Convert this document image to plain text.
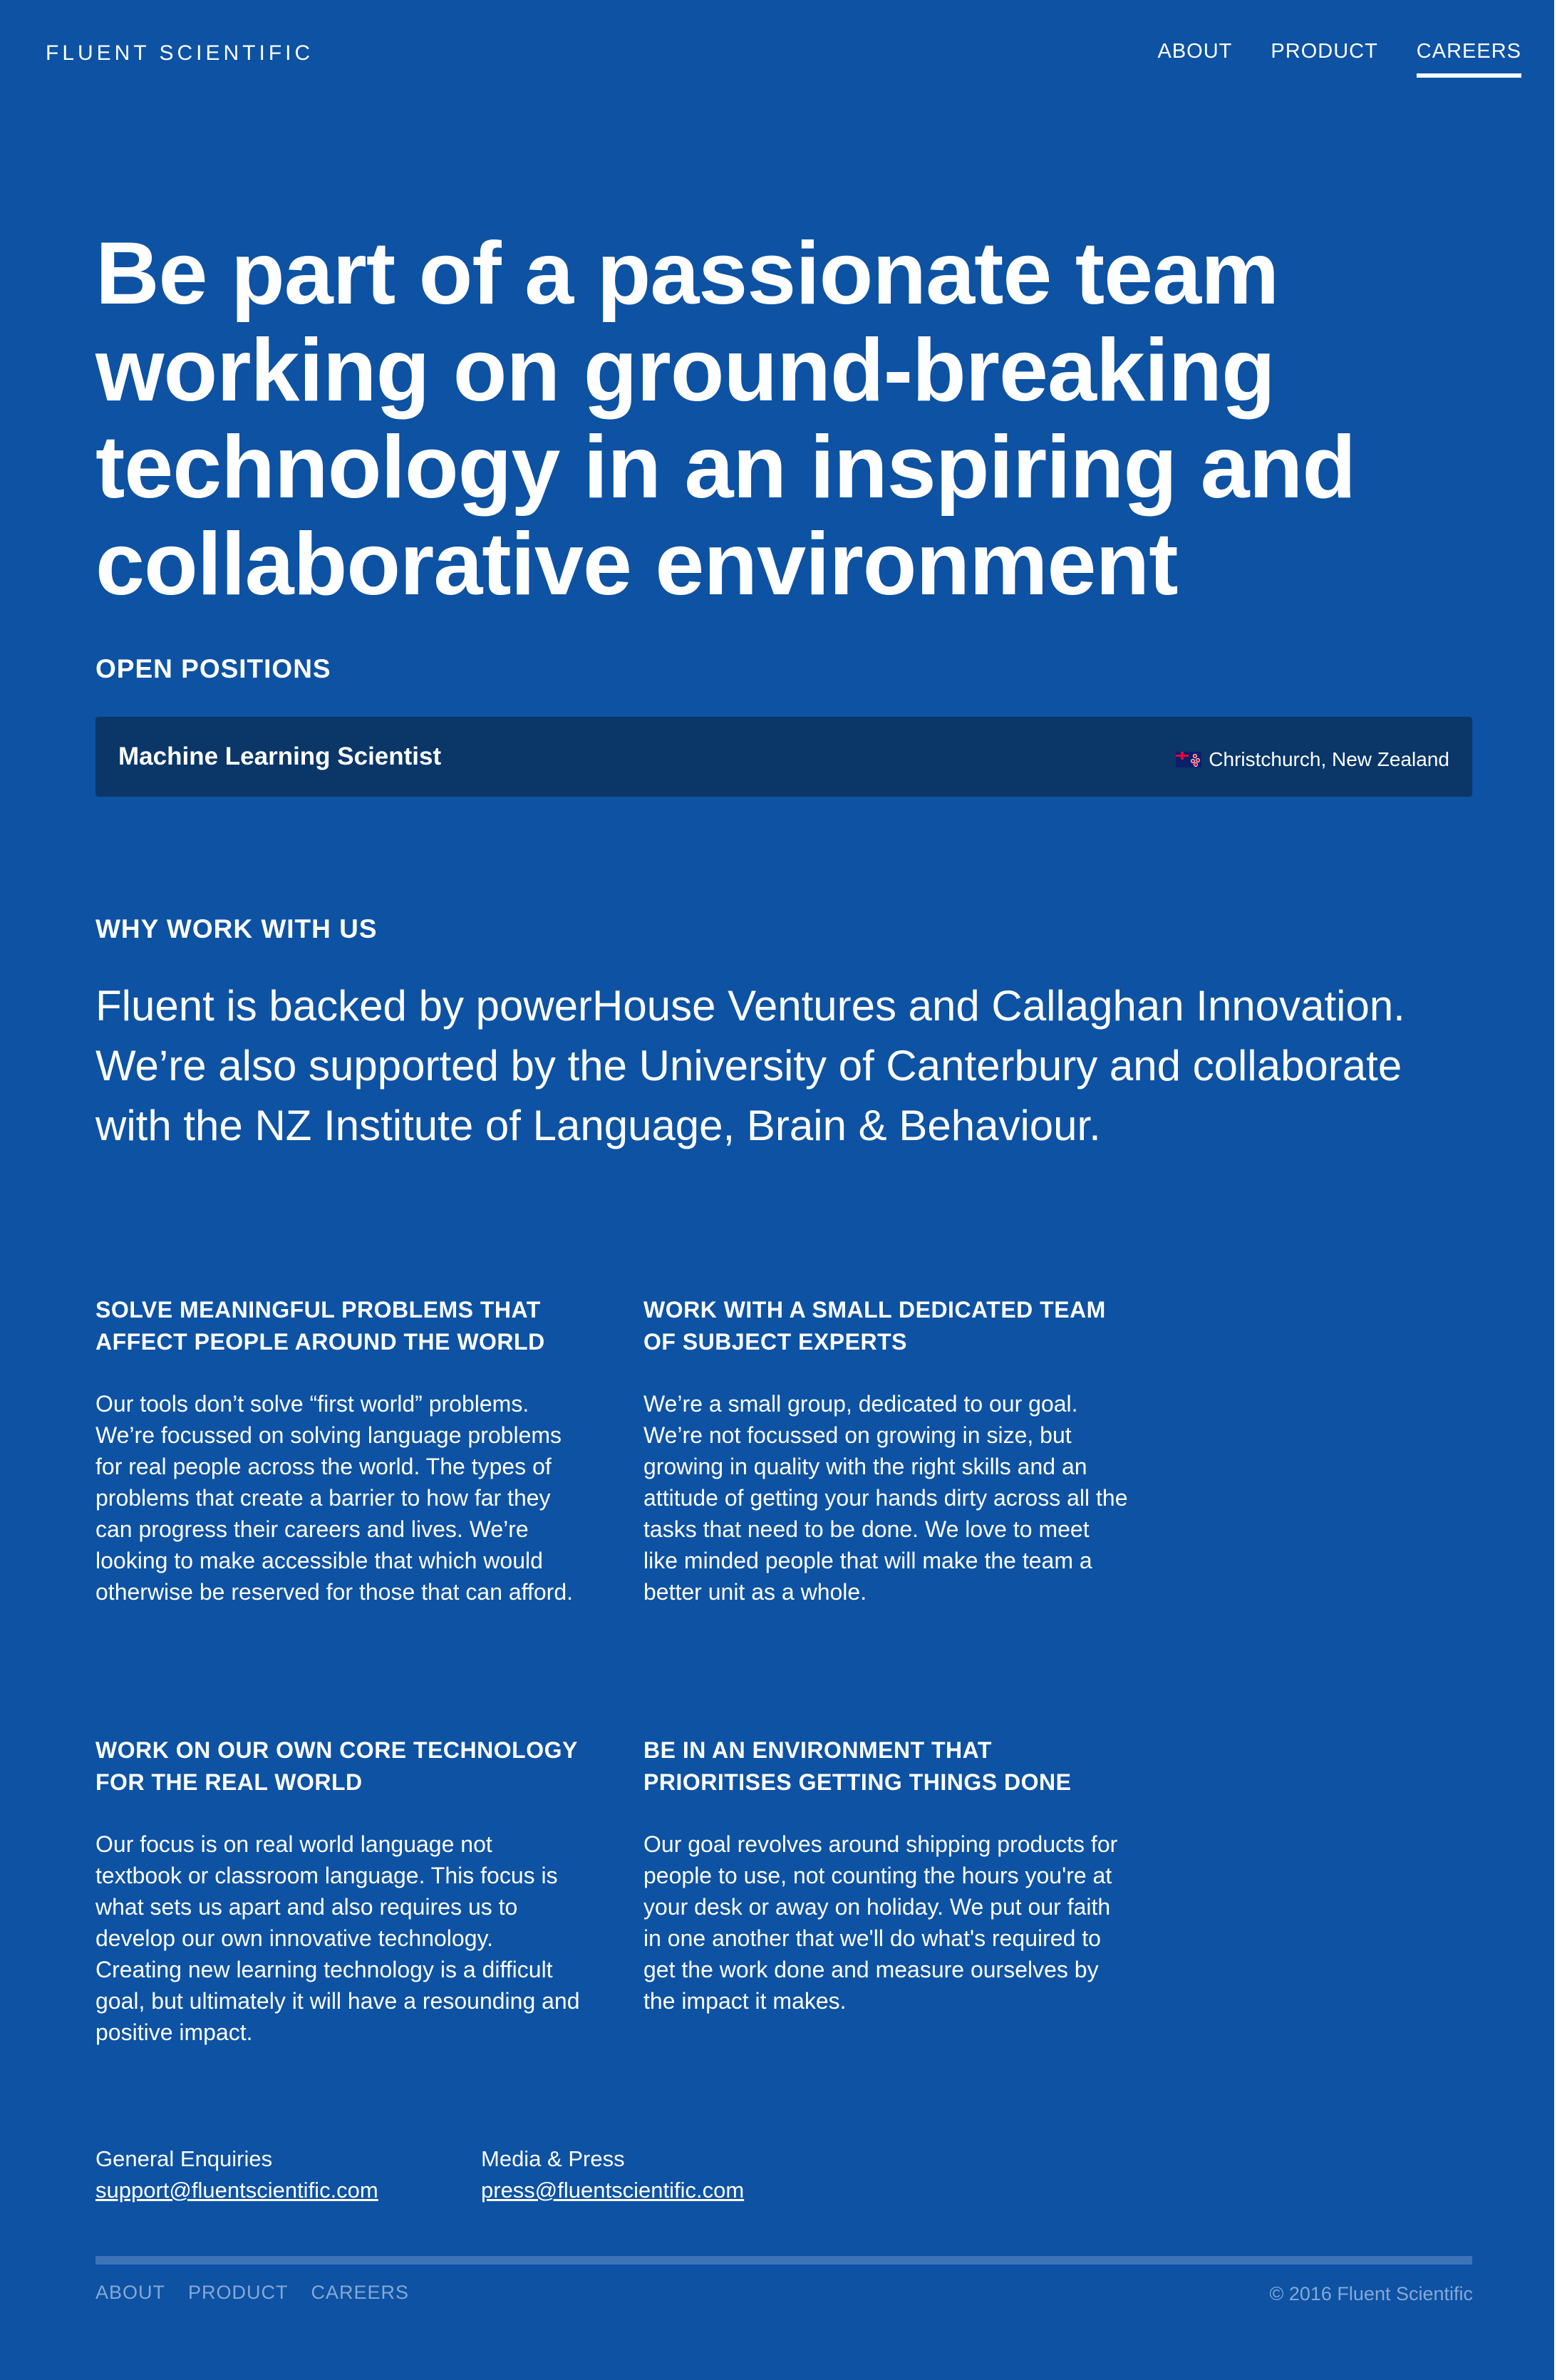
FLUENT SCIENTIFIC	ABOUT PRODUCT CAREERS
Be part of a passionate team working on ground-breaking technology in an inspiring and collaborative environment
OPEN POSITIONS
Machine Learning Scientist	Christchurch, New Zealand
WHY WORK WITH US

Fluent is backed by powerHouse Ventures and Callaghan Innovation. We’re also supported by the University of Canterbury and collaborate with the NZ Institute of Language, Brain & Behaviour.

SOLVE MEANINGFUL PROBLEMS THAT AFFECT PEOPLE AROUND THE WORLD

Our tools don’t solve “first world” problems. We’re focussed on solving language problems for real people across the world. The types of problems that create a barrier to how far they can progress their careers and lives. We’re looking to make accessible that which would otherwise be reserved for those that can afford.

WORK WITH A SMALL DEDICATED TEAM OF SUBJECT EXPERTS

We’re a small group, dedicated to our goal. We’re not focussed on growing in size, but growing in quality with the right skills and an attitude of getting your hands dirty across all the tasks that need to be done. We love to meet like minded people that will make the team a better unit as a whole.

WORK ON OUR OWN CORE TECHNOLOGY FOR THE REAL WORLD

Our focus is on real world language not textbook or classroom language. This focus is what sets us apart and also requires us to develop our own innovative technology. Creating new learning technology is a difficult goal, but ultimately it will have a resounding and positive impact.

BE IN AN ENVIRONMENT THAT PRIORITISES GETTING THINGS DONE

Our goal revolves around shipping products for people to use, not counting the hours you're at your desk or away on holiday. We put our faith in one another that we'll do what's required to get the work done and measure ourselves by the impact it makes.

General Enquiries
support@fluentscientific.com
Media & Press
press@fluentscientific.com
ABOUT PRODUCT CAREERS	© 2016 Fluent Scientific
